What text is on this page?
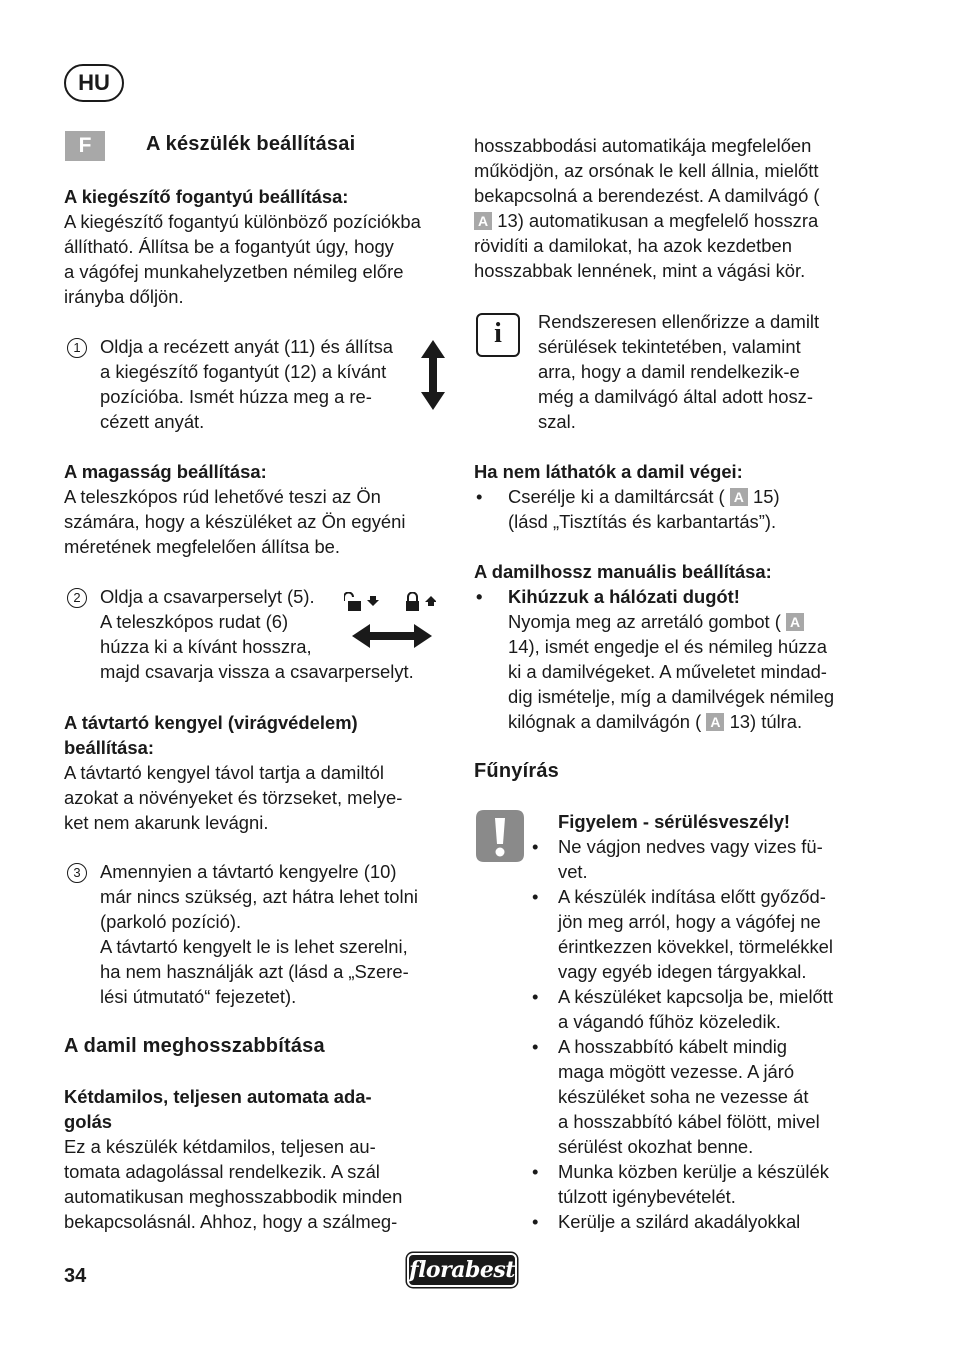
HU
F	A készülék beállításai
A kiegészítő fogantyú beállítása:
A kiegészítő fogantyú különböző pozíciókba
állítható. Állítsa be a fogantyút úgy, hogy
a vágófej munkahelyzetben némileg előre
irányba dőljön.
1	Oldja a recézett anyát (11) és állítsa
a kiegészítő fogantyút (12) a kívánt
pozícióba. Ismét húzza meg a re-
cézett anyát.
A magasság beállítása:
A teleszkópos rúd lehetővé teszi az Ön
számára, hogy a készüléket az Ön egyéni
méretének megfelelően állítsa be.
2	Oldja a csavarperselyt (5).
A teleszkópos rudat (6)
húzza ki a kívánt hosszra,
majd csavarja vissza a csavarperselyt.
A távtartó kengyel (virágvédelem)
beállítása:
A távtartó kengyel távol tartja a damiltól
azokat a növényeket és törzseket, melye-
ket nem akarunk levágni.
3	Amennyien a távtartó kengyelre (10)
már nincs szükség, azt hátra lehet tolni
(parkoló pozíció).
A távtartó kengyelt le is lehet szerelni,
ha nem használják azt (lásd a „Szere-
lési útmutató“ fejezetet).
A damil meghosszabbítása
Kétdamilos, teljesen automata ada-
golás
Ez a készülék kétdamilos, teljesen au-
tomata adagolással rendelkezik. A szál
automatikusan meghosszabbodik minden
bekapcsolásnál. Ahhoz, hogy a szálmeg-
hosszabbodási automatikája megfelelően
működjön, az orsónak le kell állnia, mielőtt
bekapcsolná a berendezést. A damilvágó (
A 13) automatikusan a megfelelő hosszra
rövidíti a damilokat, ha azok kezdetben
hosszabbak lennének, mint a vágási kör.
i	Rendszeresen ellenőrizze a damilt
sérülések tekintetében, valamint
arra, hogy a damil rendelkezik-e
még a damilvágó által adott hosz-
szal.
Ha nem láthatók a damil végei:
• Cserélje ki a damiltárcsát ( A 15)
(lásd „Tisztítás és karbantartás”).
A damilhossz manuális beállítása:
• Kihúzzuk a hálózati dugót!
Nyomja meg az arretáló gombot ( A
14), ismét engedje el és némileg húzza
ki a damilvégeket. A műveletet mindad-
dig ismételje, míg a damilvégek némileg
kilógnak a damilvágón ( A 13) túlra.
Fűnyírás
Figyelem - sérülésveszély!
• Ne vágjon nedves vagy vizes fü-
vet.
• A készülék indítása előtt győződ-
jön meg arról, hogy a vágófej ne
érintkezzen kövekkel, törmelékkel
vagy egyéb idegen tárgyakkal.
• A készüléket kapcsolja be, mielőtt
a vágandó fűhöz közeledik.
• A hosszabbító kábelt mindig
maga mögött vezesse. A járó
készüléket soha ne vezesse át
a hosszabbító kábel fölött, mivel
sérülést okozhat benne.
• Munka közben kerülje a készülék
túlzott igénybevételét.
• Kerülje a szilárd akadályokkal
34	florabest
